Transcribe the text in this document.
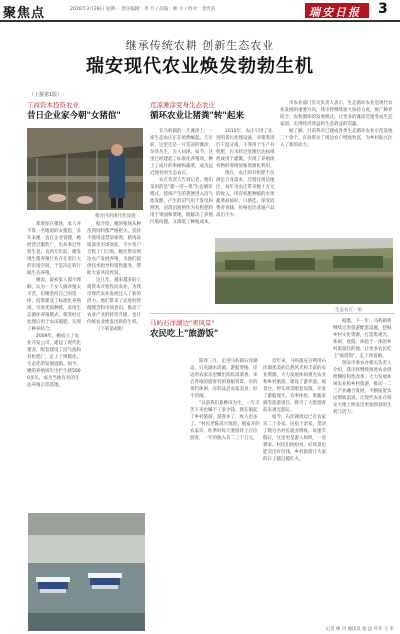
聚焦点	2016年3月28日 星期一 责任编辑：李 旦 / 美编：林 方 / 校对：金光洁	瑞安日报 3
继承传统农耕 创新生态农业
瑞安现代农业焕发勃勃生机
（上接第1版）
工商资本投资农业
昔日企业家今朝"女猪倌"
猪舍内的现代化设施

郑贤保在猪场，本人并不算一名地道的女猪倌，多年来她一直在企业管理，她经营过服装厂，也从事过外贸生意。直到几年前，她发现生猪养殖行业存在着巨大的市场空间，于是决定转行做生态养殖。

她说，最初家人都不理解，认为一个女人搞养殖太辛苦，但她坚持自己的选择，投资建设了标准化养殖场，引进优质种猪，采用生态循环养殖模式，猪粪经过处理后用于农田施肥，实现了种养结合。

2009年，她成立了农业开发公司，建起了现代化猪舍，配套建设了沼气池和有机肥厂，走上了规模化、生态化的发展道路。如今，她的养殖场年出栏生猪5000多头，成为当地有名的生态养殖示范基地。

据介绍，她的猪场从种苗到饲料都严格把关，坚持不使用违禁添加剂，猪肉品质深受市场欢迎，不少客户专程上门订购。她还带动周边农户发展养殖，为他们提供技术指导和销售服务，帮助大家共同致富。

这几年，越来越多的工商资本开始投向农业，为我市现代农业发展注入了新的活力。他们带来了先进的管理理念和市场意识，推动了农业产业的转型升级，也让传统农业焕发出新的生机。

（下转第4版）

荒凉滩涂变身生态农庄
循环农业让猪粪"转"起来

在马屿镇的一片滩涂上，一座生态农庄正在悄然崛起。几年前，这里还是一片荒凉的滩涂，杂草丛生，无人问津。如今，这里已经建起了标准化养殖场，种上了成片的果树和蔬菜，成为远近闻名的生态农庄。

农庄负责人告诉记者，他们采用的是"猪—沼—果"生态循环模式。猪场产生的粪便进入沼气池发酵，产生的沼气用于发电和照明，沼渣沼液则作为有机肥料用于果园和菜地，既解决了养殖污染问题，又降低了种植成本。

2015年，农庄引进了先进的粪污处理设备，对猪粪进行干湿分离，干粪用于生产有机肥，污水经过处理后达标排放或用于灌溉，实现了养殖废弃物的零排放和资源化利用。

现在，农庄的有机肥不仅满足自身需求，还销往周边地区，每年为农庄带来数十万元的收入。用有机肥种植的水果蔬菜品质好、口感佳，深受消费者青睐，价格也比普通产品高出不少。

市农业部门有关负责人表示，生态循环农业是现代农业发展的重要方向，我市将继续加大扶持力度，推广种养结合、农牧循环的发展模式，让更多的滩涂荒地变成生态家园，实现经济效益和生态效益的双赢。

据了解，目前我市已建成各类生态循环农业示范基地二十余个，有效带动了周边农户增收致富，为乡村振兴注入了新的动力。

生态农庄一角
马屿石洋湖边"卖风景"
农民吃上"旅游饭"

阳春三月，走进马屿镇石洋湖边，只见湖水清澈，游船穿梭，岸边的农家乐里飘出阵阵饭菜香。来自各地的游客有的划船赏景，有的垂钓休闲，有的品尝农家美食，好不热闹。

"以前我们靠种田为生，一年辛苦下来也赚不了多少钱。现在搞起了乡村旅游，游客多了，收入也多了。"村民老陈高兴地说。他家开的农家乐，旺季时每天要接待上百位游客，一年的收入有二三十万元。

近年来，马屿镇充分利用石洋湖优美的自然风光和丰富的农业资源，大力发展休闲观光农业和乡村旅游，建设了游步道、观景台、停车场等配套设施，开发了游船观光、农事体验、果蔬采摘等旅游项目，吸引了大批游客前来观光游玩。

如今，石洋湖周边已有农家乐二十多家，民宿十余家，带动了数百名村民就业增收。每逢节假日，这里更是游人如织，一房难求。村民们纷纷说，好风景也能卖出好价钱，乡村旅游让大家的日子越过越红火。

据悉，下一步，马屿镇将继续完善旅游配套设施，挖掘乡村文化资源，打造集观光、休闲、度假、体验于一体的乡村旅游目的地，让更多农民吃上"旅游饭"，走上致富路。

瑞安市委农办相关负责人介绍，我市将继续推进农业供给侧结构性改革，大力发展休闲农业和乡村旅游，推动一二三产业融合发展，不断拓宽农民增收渠道，让现代农业在瑞安大地上焕发出更加勃勃的生机与活力。

记者 林 丹 通讯员 张 远 叶开 王 军
